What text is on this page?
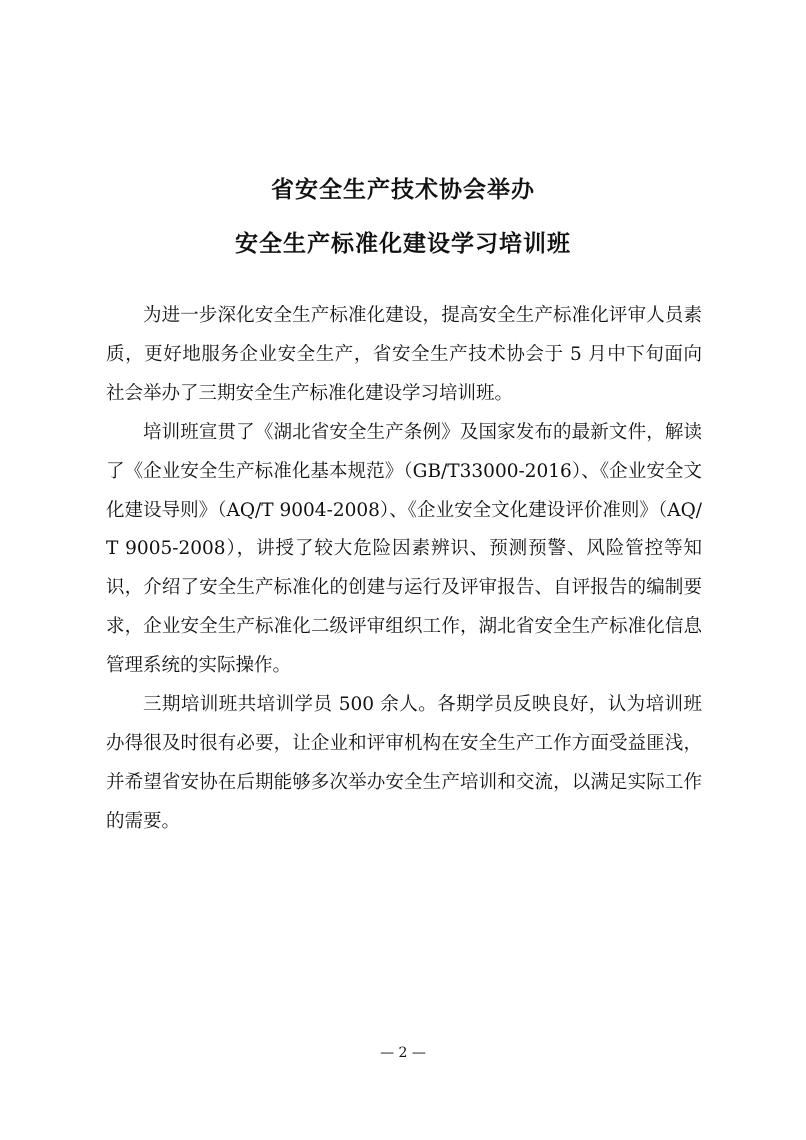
省安全生产技术协会举办
安全生产标准化建设学习培训班

为进一步深化安全生产标准化建设，提高安全生产标准化评审人员素质，更好地服务企业安全生产，省安全生产技术协会于 5 月中下旬面向社会举办了三期安全生产标准化建设学习培训班。

培训班宣贯了《湖北省安全生产条例》及国家发布的最新文件，解读了《企业安全生产标准化基本规范》（GB/T33000-2016）、《企业安全文化建设导则》（AQ/T 9004-2008）、《企业安全文化建设评价准则》（AQ/T 9005-2008），讲授了较大危险因素辨识、预测预警、风险管控等知识，介绍了安全生产标准化的创建与运行及评审报告、自评报告的编制要求，企业安全生产标准化二级评审组织工作，湖北省安全生产标准化信息管理系统的实际操作。

三期培训班共培训学员 500 余人。各期学员反映良好，认为培训班办得很及时很有必要，让企业和评审机构在安全生产工作方面受益匪浅，并希望省安协在后期能够多次举办安全生产培训和交流，以满足实际工作的需要。

— 2 —
